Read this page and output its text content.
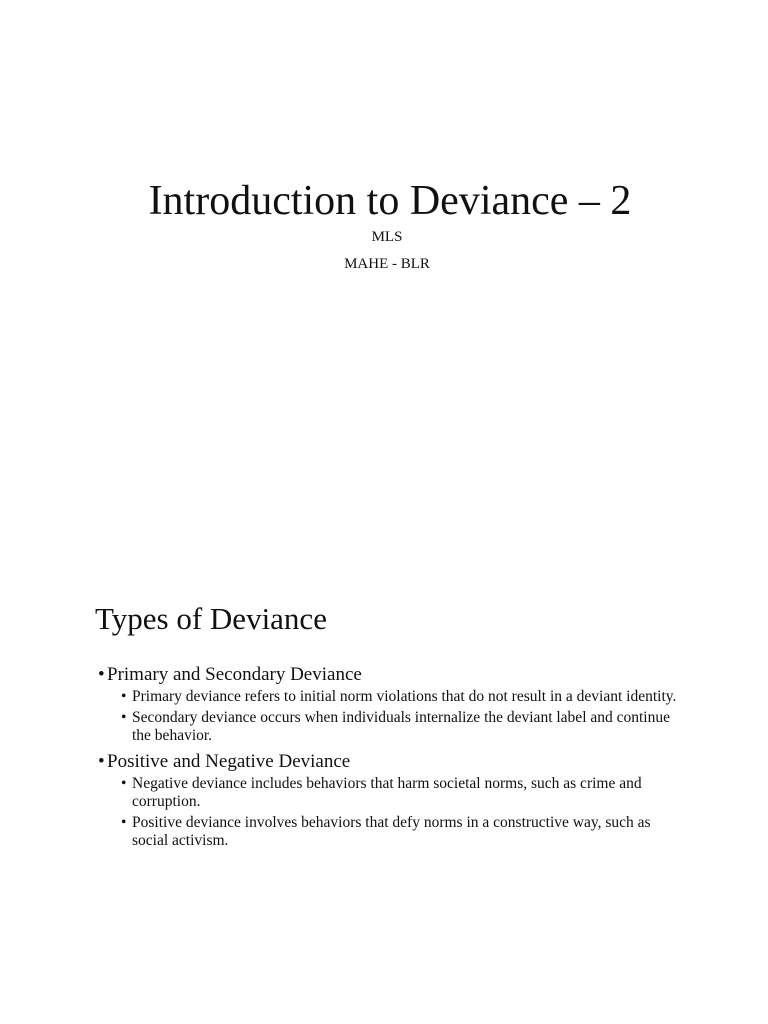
Introduction to Deviance – 2
MLS
MAHE - BLR
Types of Deviance
• Primary and Secondary Deviance
• Primary deviance refers to initial norm violations that do not result in a deviant identity.
• Secondary deviance occurs when individuals internalize the deviant label and continue the behavior.
• Positive and Negative Deviance
• Negative deviance includes behaviors that harm societal norms, such as crime and corruption.
• Positive deviance involves behaviors that defy norms in a constructive way, such as social activism.
